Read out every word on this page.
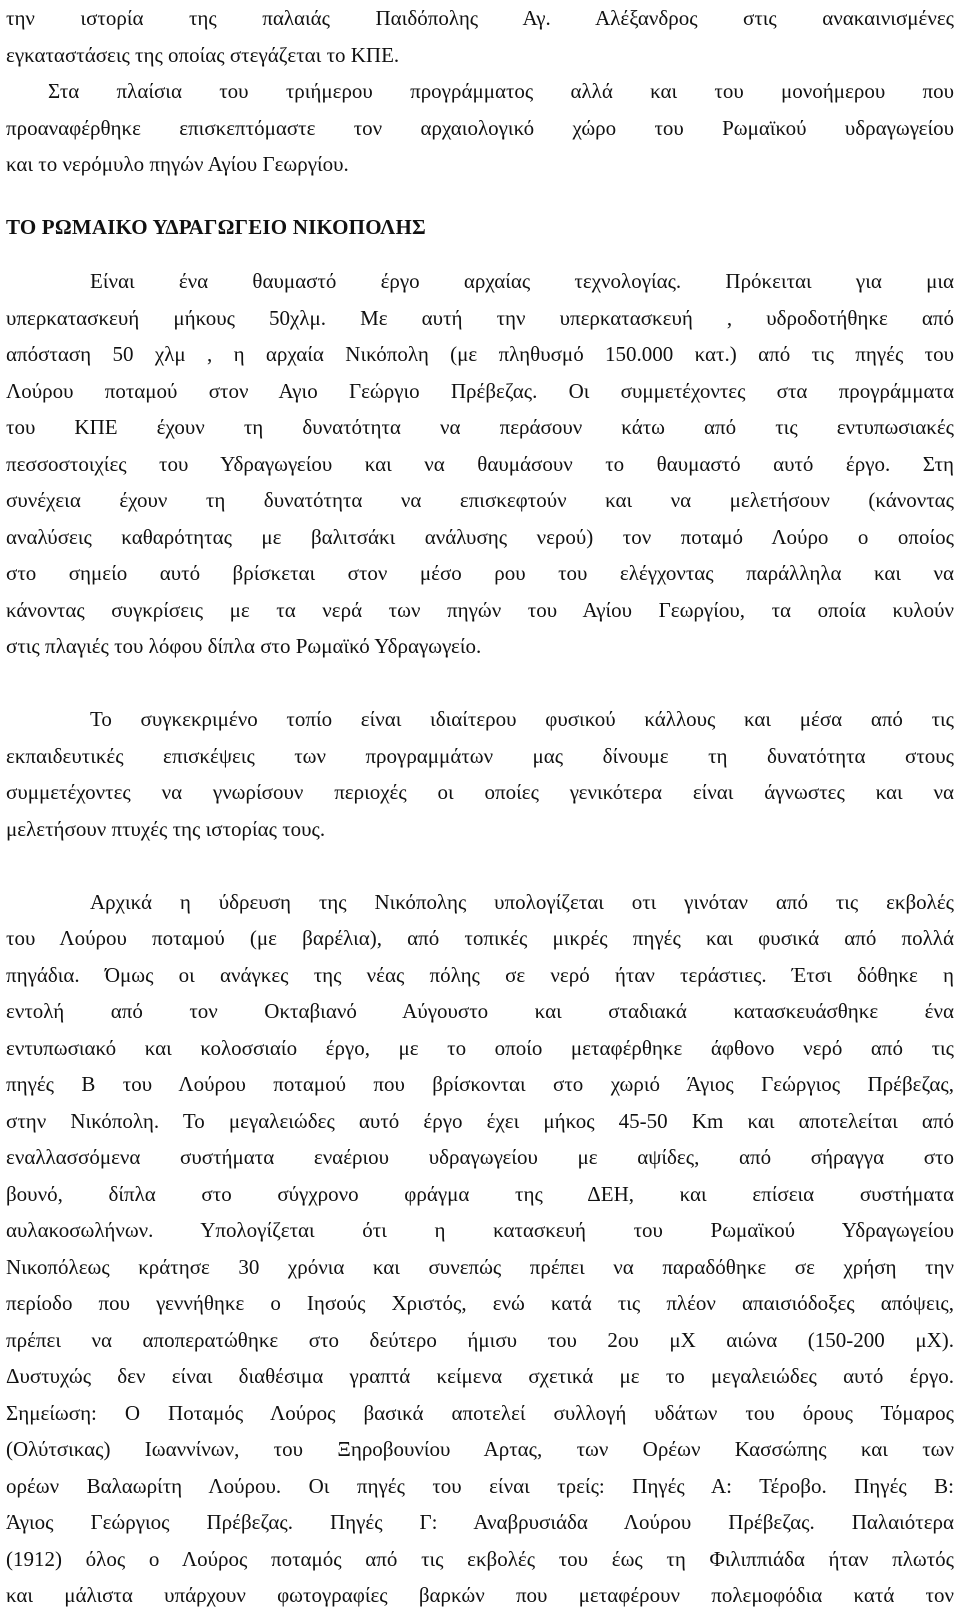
την ιστορία της παλαιάς Παιδόπολης Αγ. Αλέξανδρος στις ανακαινισμένες
εγκαταστάσεις της οποίας στεγάζεται το ΚΠΕ.
Στα πλαίσια του τριήμερου προγράμματος αλλά και του μονοήμερου που
προαναφέρθηκε επισκεπτόμαστε τον αρχαιολογικό χώρο του Ρωμαϊκού υδραγωγείου
και το νερόμυλο πηγών Αγίου Γεωργίου.
ΤΟ ΡΩΜΑΙΚΟ ΥΔΡΑΓΩΓΕΙΟ ΝΙΚΟΠΟΛΗΣ
Είναι ένα θαυμαστό έργο αρχαίας τεχνολογίας. Πρόκειται για μια
υπερκατασκευή μήκους 50χλμ. Με αυτή την υπερκατασκευή , υδροδοτήθηκε από
απόσταση 50 χλμ , η αρχαία Νικόπολη (με πληθυσμό 150.000 κατ.) από τις πηγές του
Λούρου ποταμού στον Αγιο Γεώργιο Πρέβεζας. Οι συμμετέχοντες στα προγράμματα
του ΚΠΕ έχουν τη δυνατότητα να περάσουν κάτω από τις εντυπωσιακές
πεσσοστοιχίες του Υδραγωγείου και να θαυμάσουν το θαυμαστό αυτό έργο. Στη
συνέχεια έχουν τη δυνατότητα να επισκεφτούν και να μελετήσουν (κάνοντας
αναλύσεις καθαρότητας με βαλιτσάκι ανάλυσης νερού) τον ποταμό Λούρο ο οποίος
στο σημείο αυτό βρίσκεται στον μέσο ρου του ελέγχοντας παράλληλα και να
κάνοντας συγκρίσεις με τα νερά των πηγών του Αγίου Γεωργίου, τα οποία κυλούν
στις πλαγιές του λόφου δίπλα στο Ρωμαϊκό Υδραγωγείο.
Το συγκεκριμένο τοπίο είναι ιδιαίτερου φυσικού κάλλους και μέσα από τις
εκπαιδευτικές επισκέψεις των προγραμμάτων μας δίνουμε τη δυνατότητα στους
συμμετέχοντες να γνωρίσουν περιοχές οι οποίες γενικότερα είναι άγνωστες και να
μελετήσουν πτυχές της ιστορίας τους.
Αρχικά η ύδρευση της Νικόπολης υπολογίζεται οτι γινόταν από τις εκβολές
του Λούρου ποταμού (με βαρέλια), από τοπικές μικρές πηγές και φυσικά από πολλά
πηγάδια. Όμως οι ανάγκες της νέας πόλης σε νερό ήταν τεράστιες. Έτσι δόθηκε η
εντολή από τον Οκταβιανό Αύγουστο και σταδιακά κατασκευάσθηκε ένα
εντυπωσιακό και κολοσσιαίο έργο, με το οποίο μεταφέρθηκε άφθονο νερό από τις
πηγές Β του Λούρου ποταμού που βρίσκονται στο χωριό Άγιος Γεώργιος Πρέβεζας,
στην Νικόπολη. Το μεγαλειώδες αυτό έργο έχει μήκος 45-50 Km και αποτελείται από
εναλλασσόμενα συστήματα εναέριου υδραγωγείου με αψίδες, από σήραγγα στο
βουνό, δίπλα στο σύγχρονο φράγμα της ΔΕΗ, και επίσεια συστήματα
αυλακοσωλήνων. Υπολογίζεται ότι η κατασκευή του Ρωμαϊκού Υδραγωγείου
Νικοπόλεως κράτησε 30 χρόνια και συνεπώς πρέπει να παραδόθηκε σε χρήση την
περίοδο που γεννήθηκε ο Ιησούς Χριστός, ενώ κατά τις πλέον απαισιόδοξες απόψεις,
πρέπει να αποπερατώθηκε στο δεύτερο ήμισυ του 2ου μΧ αιώνα (150-200 μΧ).
Δυστυχώς δεν είναι διαθέσιμα γραπτά κείμενα σχετικά με το μεγαλειώδες αυτό έργο.
Σημείωση: Ο Ποταμός Λούρος βασικά αποτελεί συλλογή υδάτων του όρους Τόμαρος
(Ολύτσικας) Ιωαννίνων, του Ξηροβουνίου Αρτας, των Ορέων Κασσώπης και των
ορέων Βαλαωρίτη Λούρου. Οι πηγές του είναι τρείς: Πηγές Α: Τέροβο. Πηγές Β:
Άγιος Γεώργιος Πρέβεζας. Πηγές Γ: Αναβρυσιάδα Λούρου Πρέβεζας. Παλαιότερα
(1912) όλος ο Λούρος ποταμός από τις εκβολές του έως τη Φιλιππιάδα ήταν πλωτός
και μάλιστα υπάρχουν φωτογραφίες βαρκών που μεταφέρουν πολεμοφόδια κατά τον
